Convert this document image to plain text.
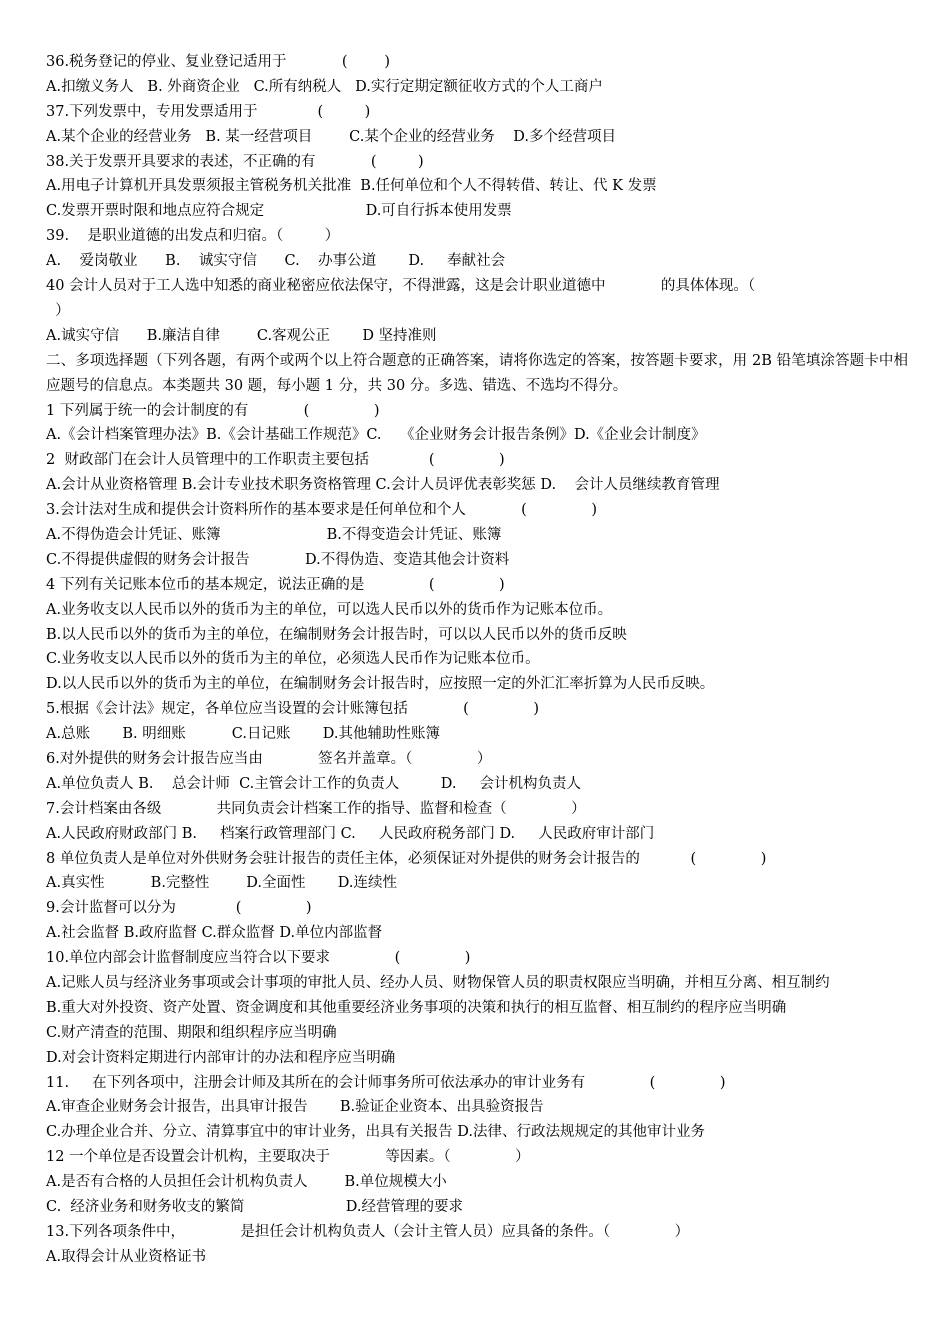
36.税务登记的停业、复业登记适用于            (        )
A.扣缴义务人   B. 外商资企业   C.所有纳税人   D.实行定期定额征收方式的个人工商户
37.下列发票中，专用发票适用于             (         )
A.某个企业的经营业务   B. 某一经营项目        C.某个企业的经营业务    D.多个经营项目
38.关于发票开具要求的表述，不正确的有            (         )
A.用电子计算机开具发票须报主管税务机关批准  B.任何单位和个人不得转借、转让、代 K 发票
C.发票开票时限和地点应符合规定                      D.可自行拆本使用发票
39.    是职业道德的出发点和归宿。（         ）
A.    爱岗敬业      B.    诚实守信      C.    办事公道       D.     奉献社会
40 会计人员对于工人选中知悉的商业秘密应依法保守，不得泄露，这是会计职业道德中            的具体体现。（
）
A.诚实守信      B.廉洁自律        C.客观公正       D 坚持准则
二、多项选择题（下列各题，有两个或两个以上符合题意的正确答案，请将你选定的答案，按答题卡要求，用 2B 铅笔填涂答题卡中相应题号的信息点。本类题共 30 题，每小题 1 分，共 30 分。多选、错选、不选均不得分。
1 下列属于统一的会计制度的有            (              )
A.《会计档案管理办法》B.《会计基础工作规范》C.    《企业财务会计报告条例》D.《企业会计制度》
2  财政部门在会计人员管理中的工作职责主要包括             (              )
A.会计从业资格管理 B.会计专业技术职务资格管理 C.会计人员评优表彰奖惩 D.    会计人员继续教育管理
3.会计法对生成和提供会计资料所作的基本要求是任何单位和个人            (              )
A.不得伪造会计凭证、账簿                       B.不得变造会计凭证、账簿
C.不得提供虚假的财务会计报告            D.不得伪造、变造其他会计资料
4 下列有关记账本位币的基本规定，说法正确的是              (              )
A.业务收支以人民币以外的货币为主的单位，可以选人民币以外的货币作为记账本位币。
B.以人民币以外的货币为主的单位，在编制财务会计报告时，可以以人民币以外的货币反映
C.业务收支以人民币以外的货币为主的单位，必须选人民币作为记账本位币。
D.以人民币以外的货币为主的单位，在编制财务会计报告时，应按照一定的外汇汇率折算为人民币反映。
5.根据《会计法》规定，各单位应当设置的会计账簿包括            (              )
A.总账       B. 明细账          C.日记账       D.其他辅助性账簿
6.对外提供的财务会计报告应当由            签名并盖章。（              ）
A.单位负责人 B.    总会计师  C.主管会计工作的负责人         D.     会计机构负责人
7.会计档案由各级            共同负责会计档案工作的指导、监督和检查（              ）
A.人民政府财政部门 B.     档案行政管理部门 C.     人民政府税务部门 D.     人民政府审计部门
8 单位负责人是单位对外供财务会驻计报告的责任主体，必须保证对外提供的财务会计报告的           (              )
A.真实性          B.完整性        D.全面性       D.连续性
9.会计监督可以分为             (              )
A.社会监督 B.政府监督 C.群众监督 D.单位内部监督
10.单位内部会计监督制度应当符合以下要求              (              )
A.记账人员与经济业务事项或会计事项的审批人员、经办人员、财物保管人员的职责权限应当明确，并相互分离、相互制约
B.重大对外投资、资产处置、资金调度和其他重要经济业务事项的决策和执行的相互监督、相互制约的程序应当明确
C.财产清查的范围、期限和组织程序应当明确
D.对会计资料定期进行内部审计的办法和程序应当明确
11.     在下列各项中，注册会计师及其所在的会计师事务所可依法承办的审计业务有              (              )
A.审查企业财务会计报告，出具审计报告       B.验证企业资本、出具验资报告
C.办理企业合并、分立、清算事宜中的审计业务，出具有关报告 D.法律、行政法规规定的其他审计业务
12 一个单位是否设置会计机构，主要取决于            等因素。（              ）
A.是否有合格的人员担任会计机构负责人        B.单位规模大小
C.  经济业务和财务收支的繁简                      D.经营管理的要求
13.下列各项条件中，            是担任会计机构负责人（会计主管人员）应具备的条件。（              ）
A.取得会计从业资格证书
